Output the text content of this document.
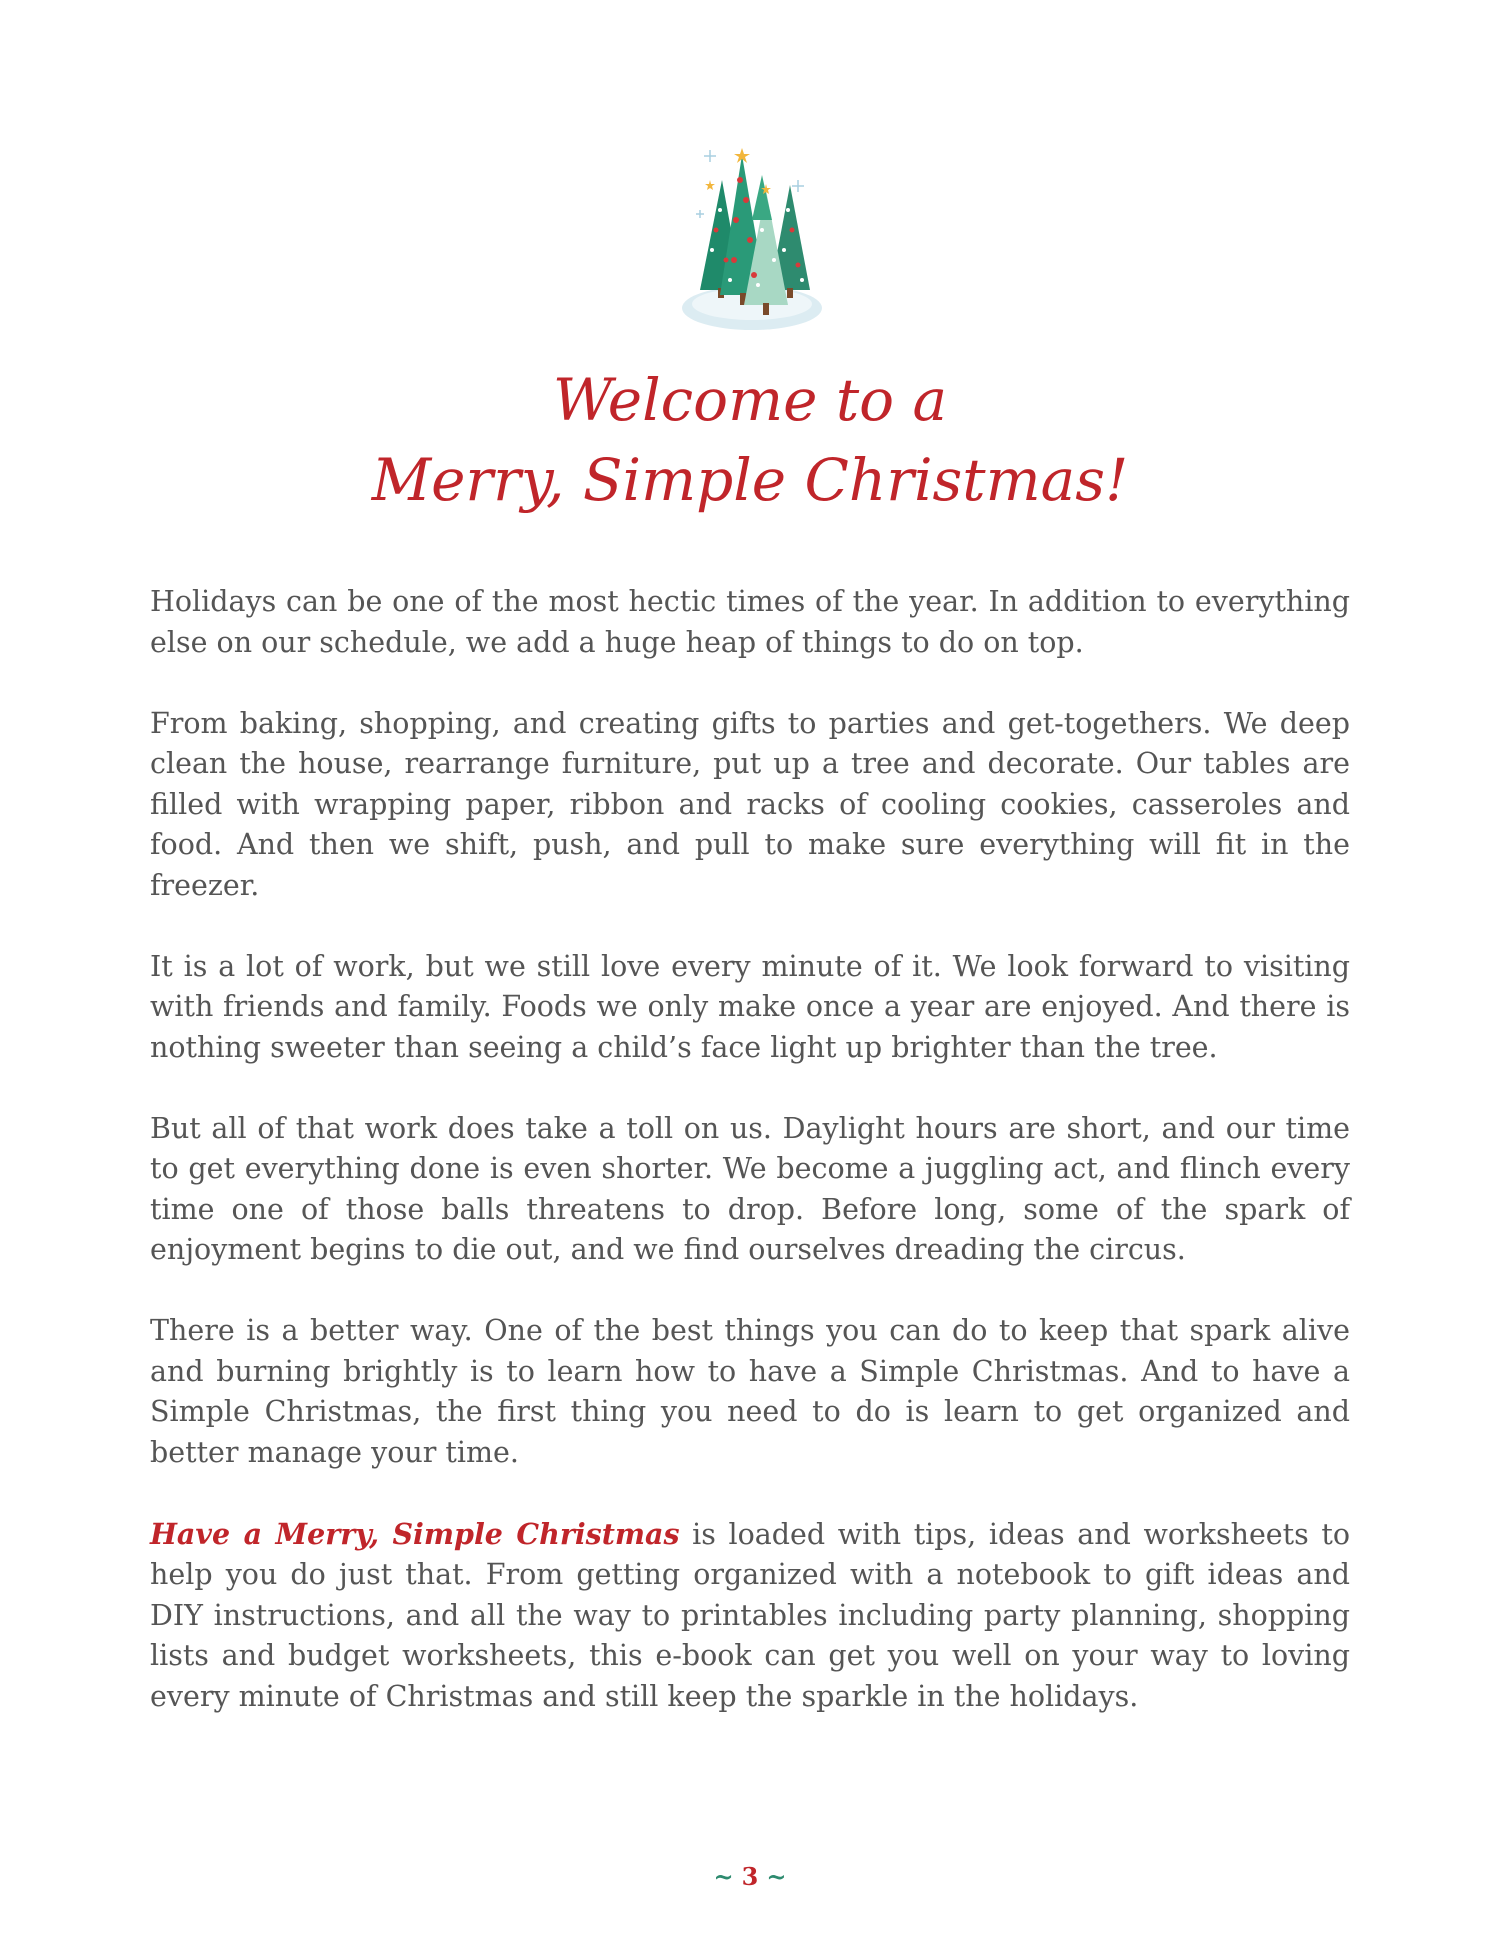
Welcome to a
Merry, Simple Christmas!

Holidays can be one of the most hectic times of the year. In addition to everything else on our schedule, we add a huge heap of things to do on top.

From baking, shopping, and creating gifts to parties and get-togethers. We deep clean the house, rearrange furniture, put up a tree and decorate. Our tables are filled with wrapping paper, ribbon and racks of cooling cookies, casseroles and food. And then we shift, push, and pull to make sure everything will fit in the freezer.

It is a lot of work, but we still love every minute of it. We look forward to visiting with friends and family. Foods we only make once a year are enjoyed. And there is nothing sweeter than seeing a child’s face light up brighter than the tree.

But all of that work does take a toll on us. Daylight hours are short, and our time to get everything done is even shorter. We become a juggling act, and flinch every time one of those balls threatens to drop. Before long, some of the spark of enjoyment begins to die out, and we find ourselves dreading the circus.

There is a better way. One of the best things you can do to keep that spark alive and burning brightly is to learn how to have a Simple Christmas. And to have a Simple Christmas, the first thing you need to do is learn to get organized and better manage your time.

Have a Merry, Simple Christmas is loaded with tips, ideas and worksheets to help you do just that. From getting organized with a notebook to gift ideas and DIY instructions, and all the way to printables including party planning, shopping lists and budget worksheets, this e-book can get you well on your way to loving every minute of Christmas and still keep the sparkle in the holidays.

~ 3 ~
